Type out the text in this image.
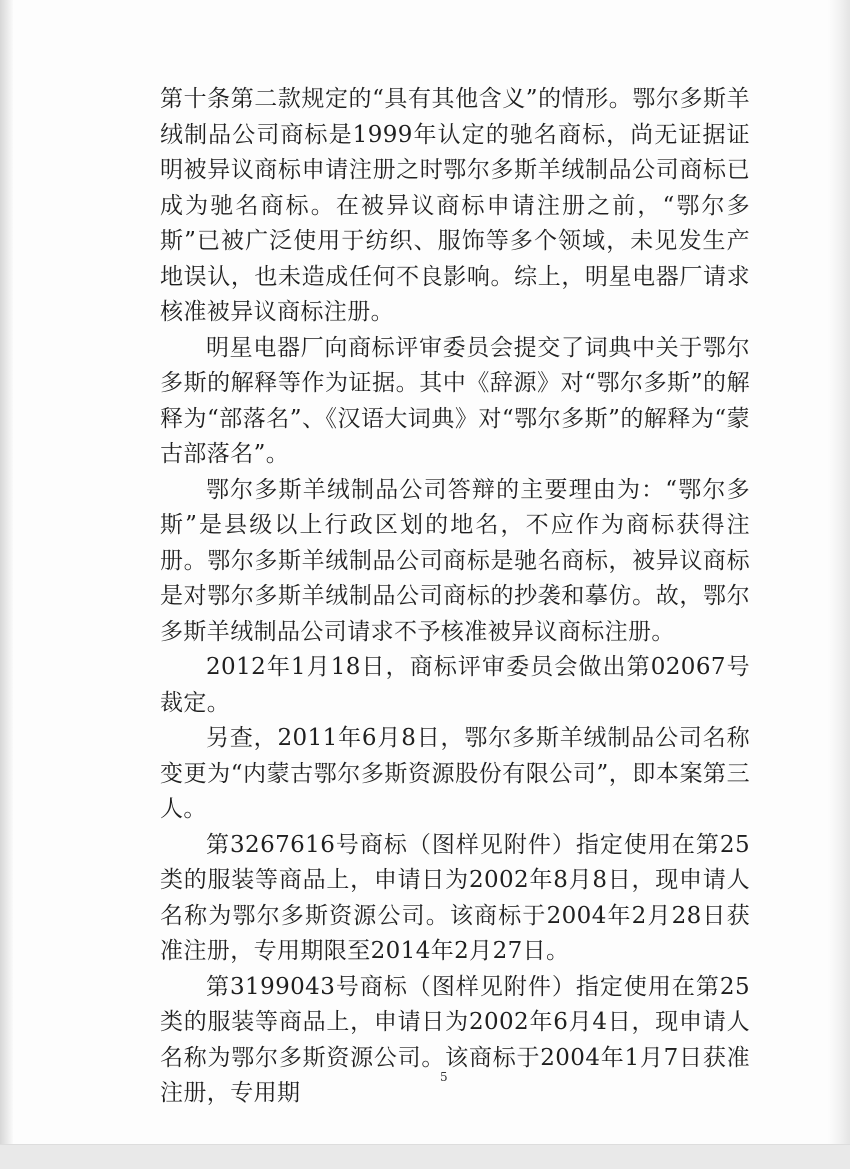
第十条第二款规定的“具有其他含义”的情形。鄂尔多斯羊绒制品公司商标是1999年认定的驰名商标，尚无证据证明被异议商标申请注册之时鄂尔多斯羊绒制品公司商标已成为驰名商标。在被异议商标申请注册之前，“鄂尔多斯”已被广泛使用于纺织、服饰等多个领域，未见发生产地误认，也未造成任何不良影响。综上，明星电器厂请求核准被异议商标注册。

明星电器厂向商标评审委员会提交了词典中关于鄂尔多斯的解释等作为证据。其中《辞源》对“鄂尔多斯”的解释为“部落名”、《汉语大词典》对“鄂尔多斯”的解释为“蒙古部落名”。

鄂尔多斯羊绒制品公司答辩的主要理由为：“鄂尔多斯”是县级以上行政区划的地名，不应作为商标获得注册。鄂尔多斯羊绒制品公司商标是驰名商标，被异议商标是对鄂尔多斯羊绒制品公司商标的抄袭和摹仿。故，鄂尔多斯羊绒制品公司请求不予核准被异议商标注册。

2012年1月18日，商标评审委员会做出第02067号裁定。

另查，2011年6月8日，鄂尔多斯羊绒制品公司名称变更为“内蒙古鄂尔多斯资源股份有限公司”，即本案第三人。

第3267616号商标（图样见附件）指定使用在第25类的服装等商品上，申请日为2002年8月8日，现申请人名称为鄂尔多斯资源公司。该商标于2004年2月28日获准注册，专用期限至2014年2月27日。

第3199043号商标（图样见附件）指定使用在第25类的服装等商品上，申请日为2002年6月4日，现申请人名称为鄂尔多斯资源公司。该商标于2004年1月7日获准注册，专用期

5
